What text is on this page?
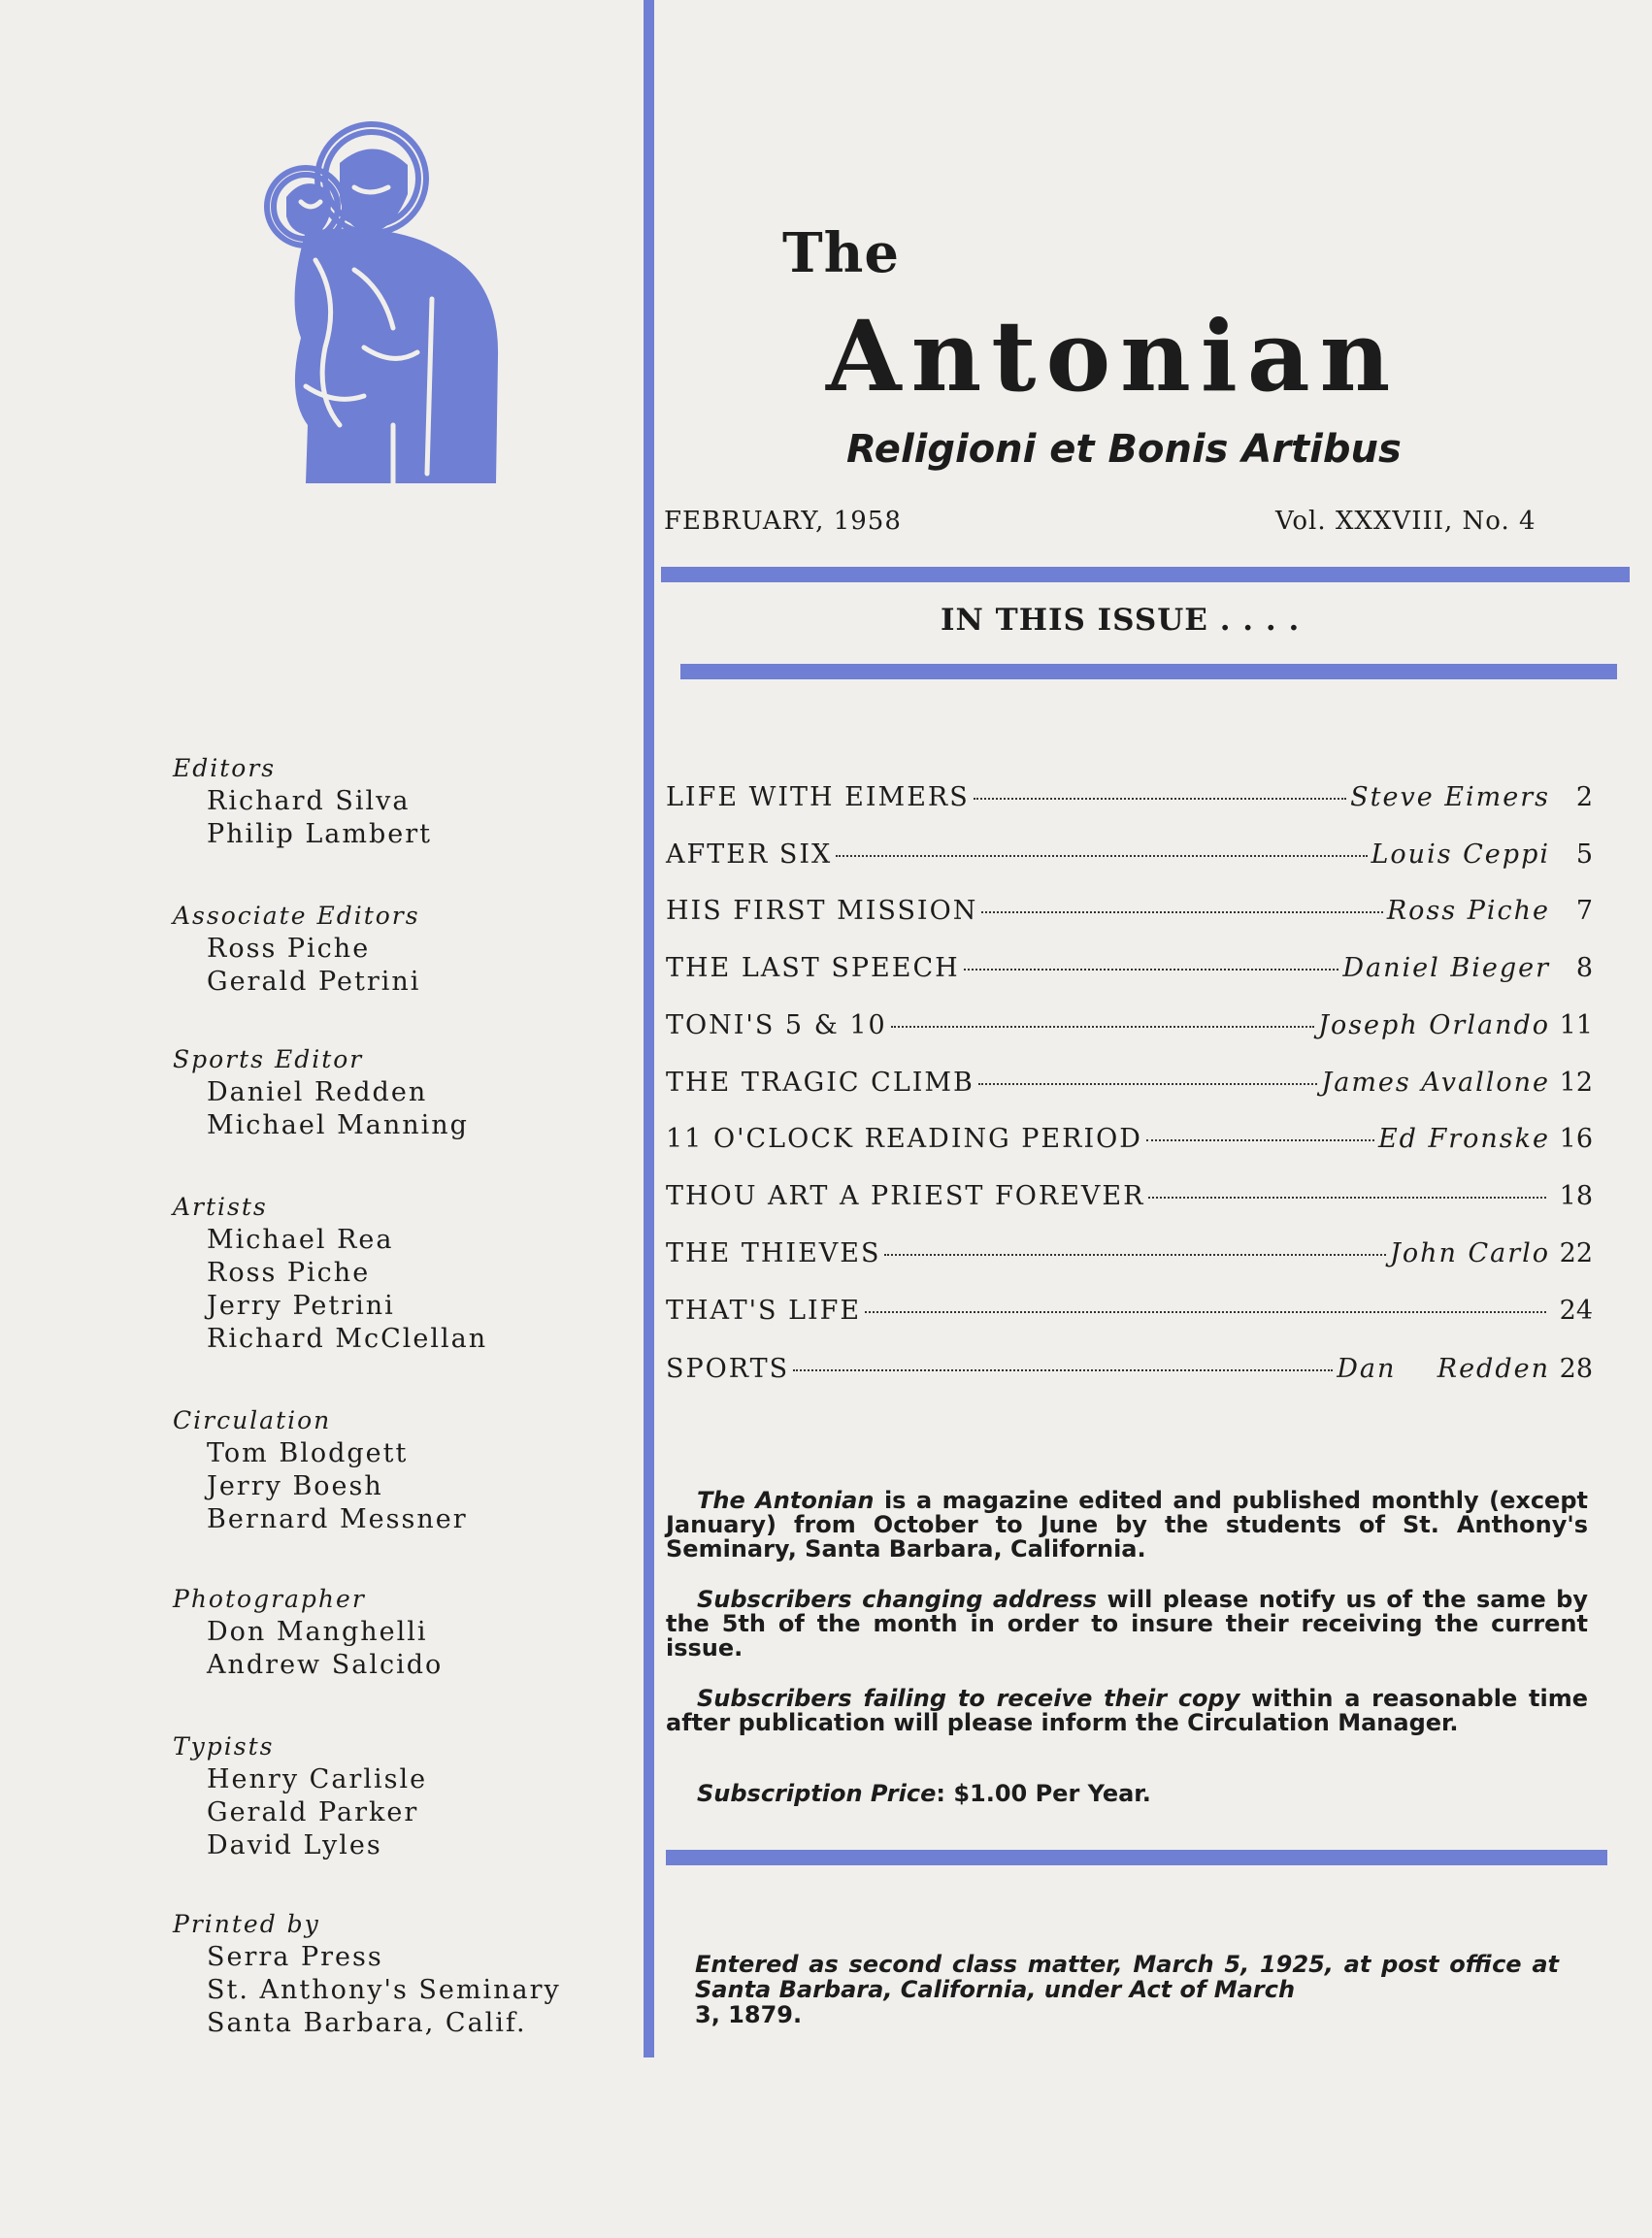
The
Antonian
Religioni et Bonis Artibus
FEBRUARY, 1958	Vol. XXXVIII, No. 4
IN THIS ISSUE . . . .
LIFE WITH EIMERS	Steve Eimers 2
AFTER SIX	Louis Ceppi 5
HIS FIRST MISSION	Ross Piche 7
THE LAST SPEECH	Daniel Bieger 8
TONI'S 5 & 10	Joseph Orlando 11
THE TRAGIC CLIMB	James Avallone 12
11 O'CLOCK READING PERIOD	Ed Fronske 16
THOU ART A PRIEST FOREVER	18
THE THIEVES	John Carlo 22
THAT'S LIFE	24
SPORTS	Dan    Redden 28
Editors
Richard Silva
Philip Lambert
Associate Editors
Ross Piche
Gerald Petrini
Sports Editor
Daniel Redden
Michael Manning
Artists
Michael Rea
Ross Piche
Jerry Petrini
Richard McClellan
Circulation
Tom Blodgett
Jerry Boesh
Bernard Messner
Photographer
Don Manghelli
Andrew Salcido
Typists
Henry Carlisle
Gerald Parker
David Lyles
Printed by
Serra Press
St. Anthony's Seminary
Santa Barbara, Calif.
The Antonian is a magazine edited and published monthly (except January) from October to June by the students of St. Anthony's Seminary, Santa Barbara, California.
Subscribers changing address will please notify us of the same by the 5th of the month in order to insure their receiving the current issue.
Subscribers failing to receive their copy within a reasonable time after publication will please inform the Circulation Manager.
Subscription Price: $1.00 Per Year.
Entered as second class matter, March 5, 1925, at post office at Santa Barbara, California, under Act of March
3, 1879.
